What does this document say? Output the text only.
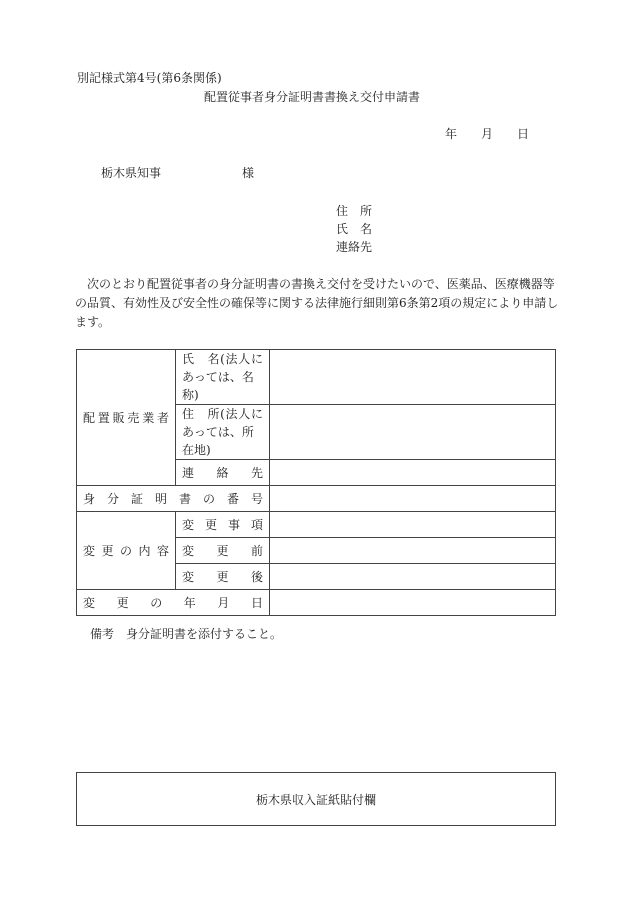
別記様式第4号(第6条関係)
配置従事者身分証明書書換え交付申請書
年 月 日
栃木県知事	様
住　所
氏　名
連絡先
次のとおり配置従事者の身分証明書の書換え交付を受けたいので、医薬品、医療機器等の品質、有効性及び安全性の確保等に関する法律施行細則第6条第2項の規定により申請します。
配置販売業者	氏　名(法人に
あっては、名称)	

	住　所(法人に
あっては、所在地)	

	連絡先	
身分証明書の番号		
変更の内容	変更事項	
	変更前	
	変更後	
変更の年月日		
備考　身分証明書を添付すること。
栃木県収入証紙貼付欄
